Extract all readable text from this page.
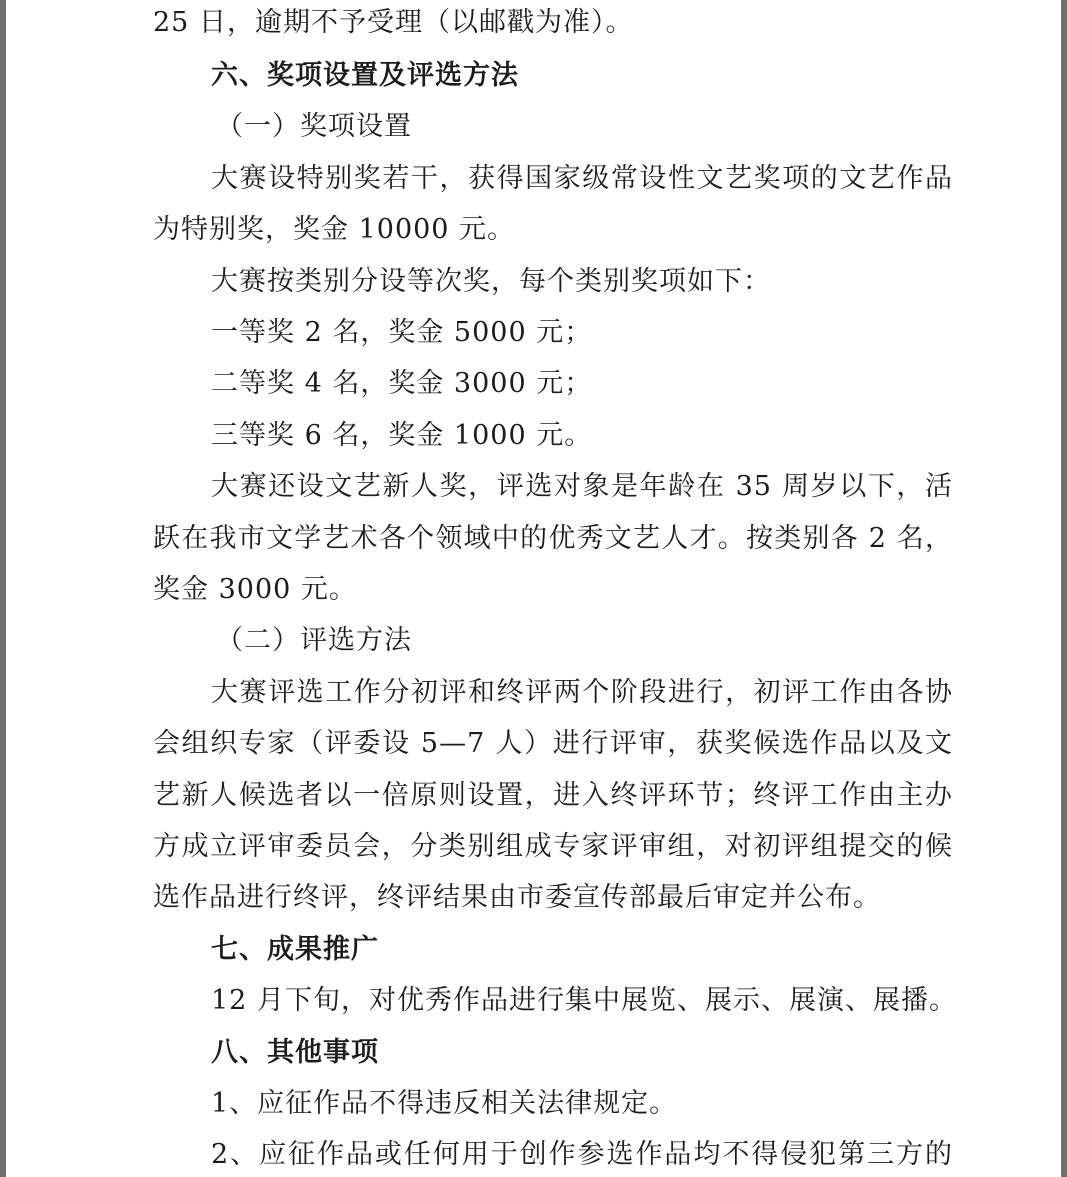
25 日，逾期不予受理（以邮戳为准）。

六、奖项设置及评选方法

（一）奖项设置

大赛设特别奖若干，获得国家级常设性文艺奖项的文艺作品

为特别奖，奖金 10000 元。

大赛按类别分设等次奖，每个类别奖项如下：

一等奖 2 名，奖金 5000 元；

二等奖 4 名，奖金 3000 元；

三等奖 6 名，奖金 1000 元。

大赛还设文艺新人奖，评选对象是年龄在 35 周岁以下，活

跃在我市文学艺术各个领域中的优秀文艺人才。按类别各 2 名，

奖金 3000 元。

（二）评选方法

大赛评选工作分初评和终评两个阶段进行，初评工作由各协

会组织专家（评委设 5—7 人）进行评审，获奖候选作品以及文

艺新人候选者以一倍原则设置，进入终评环节；终评工作由主办

方成立评审委员会，分类别组成专家评审组，对初评组提交的候

选作品进行终评，终评结果由市委宣传部最后审定并公布。

七、成果推广

12 月下旬，对优秀作品进行集中展览、展示、展演、展播。

八、其他事项

1、应征作品不得违反相关法律规定。

2、应征作品或任何用于创作参选作品均不得侵犯第三方的
